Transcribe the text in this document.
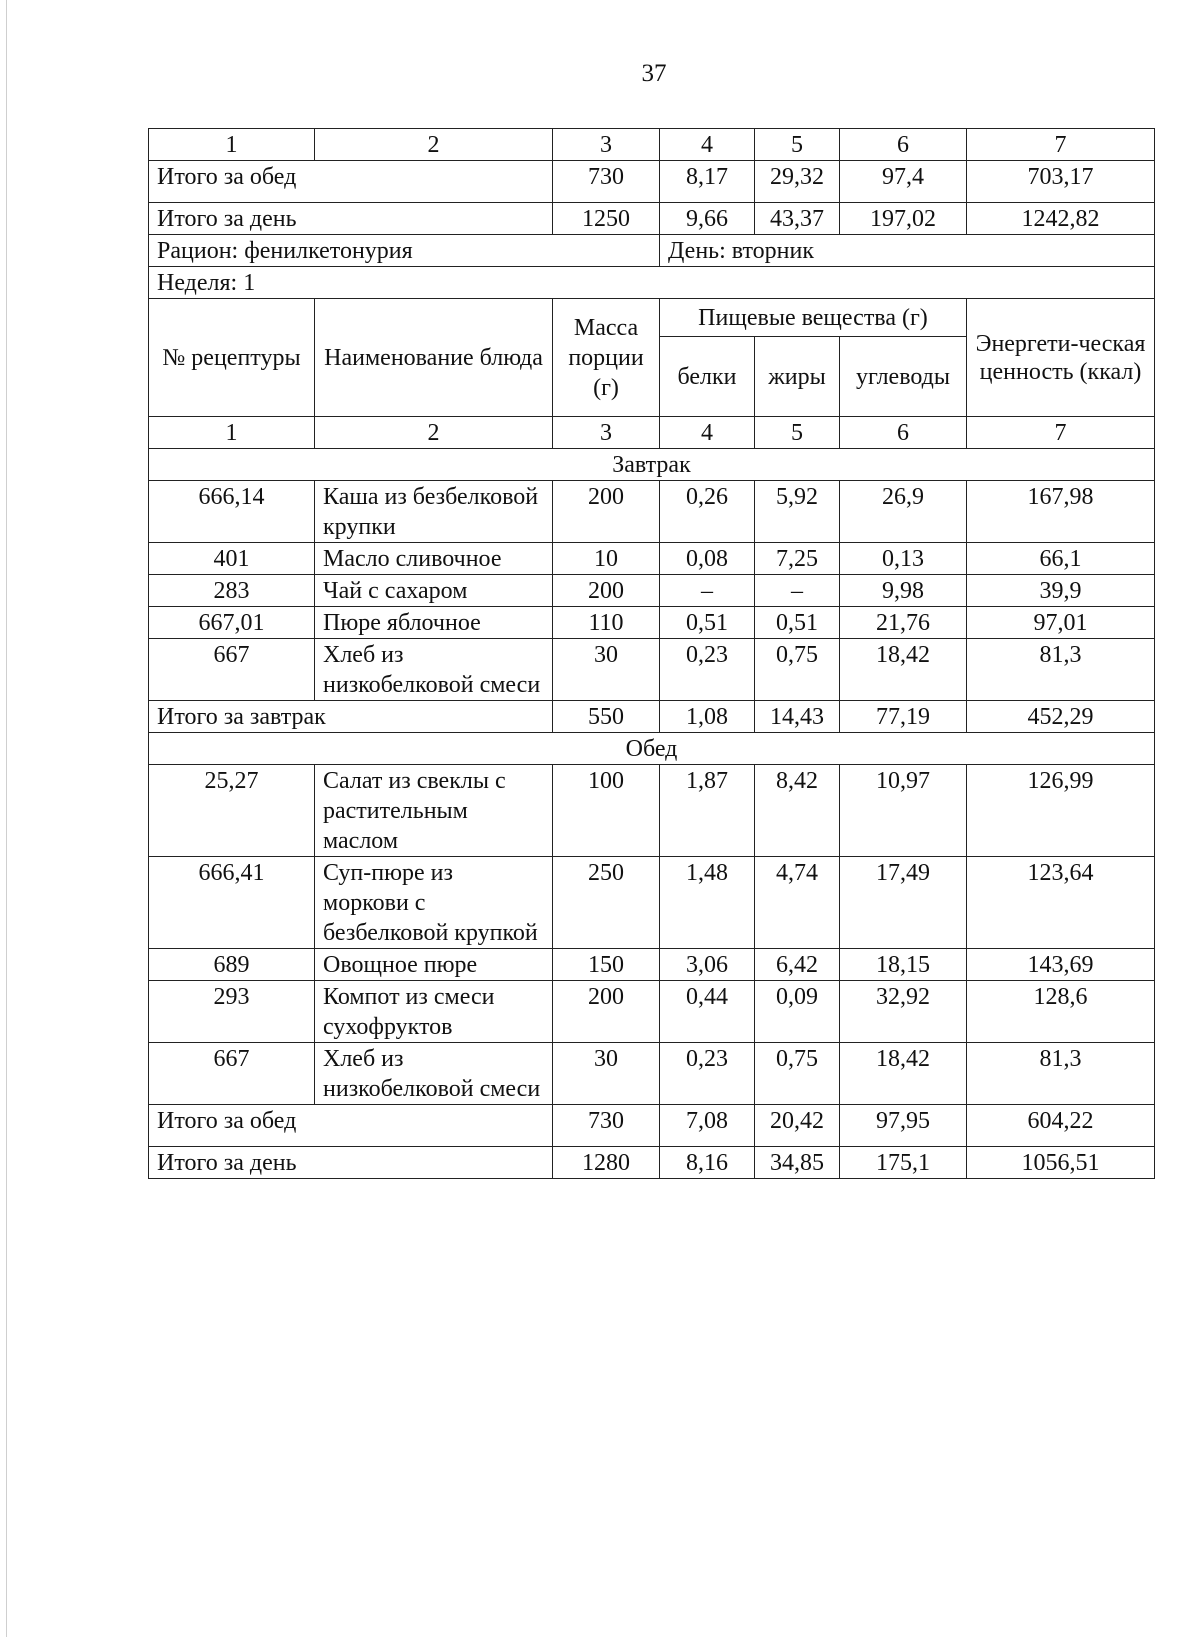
37
1	2	3	4	5	6	7
Итого за обед		730	8,17	29,32	97,4	703,17
Итого за день		1250	9,66	43,37	197,02	1242,82
Рацион: фенилкетонурия			День: вторник			
Неделя: 1						
№ рецептуры	Наименование блюда	Масса порции (г)	Пищевые вещества (г)			Энергети-ческая ценность (ккал)
			белки	жиры	углеводы	
1	2	3	4	5	6	7
Завтрак						
666,14	Каша из безбелковой крупки	200	0,26	5,92	26,9	167,98
401	Масло сливочное	10	0,08	7,25	0,13	66,1
283	Чай с сахаром	200	–	–	9,98	39,9
667,01	Пюре яблочное	110	0,51	0,51	21,76	97,01
667	Хлеб из низкобелковой смеси	30	0,23	0,75	18,42	81,3
Итого за завтрак		550	1,08	14,43	77,19	452,29
Обед						
25,27	Салат из свеклы с растительным маслом	100	1,87	8,42	10,97	126,99
666,41	Суп-пюре из моркови с безбелковой крупкой	250	1,48	4,74	17,49	123,64
689	Овощное пюре	150	3,06	6,42	18,15	143,69
293	Компот из смеси сухофруктов	200	0,44	0,09	32,92	128,6
667	Хлеб из низкобелковой смеси	30	0,23	0,75	18,42	81,3
Итого за обед		730	7,08	20,42	97,95	604,22
Итого за день		1280	8,16	34,85	175,1	1056,51
